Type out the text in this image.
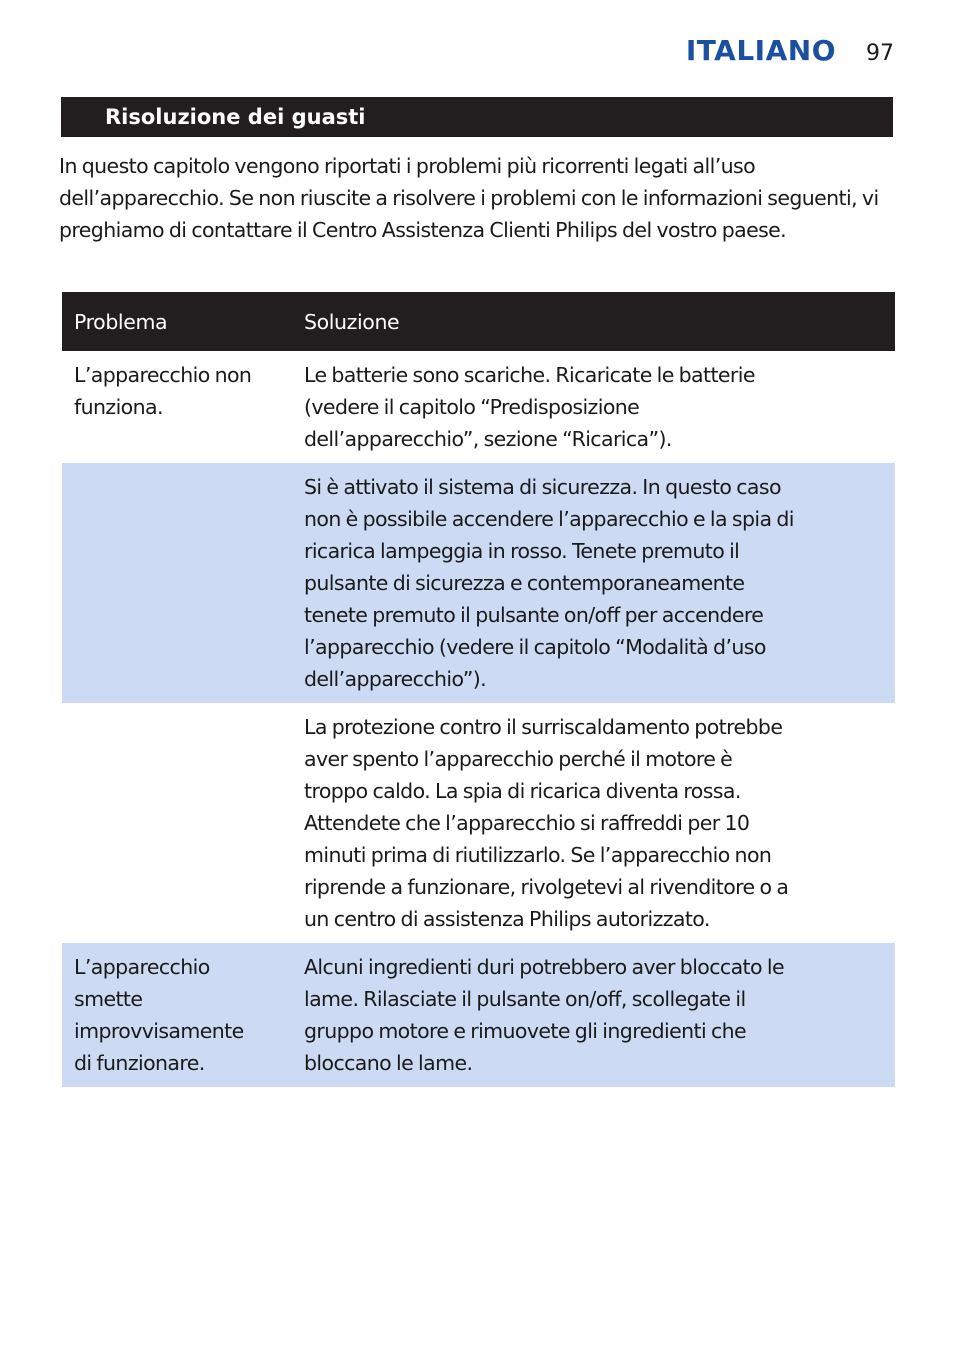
ITALIANO 97
Risoluzione dei guasti

In questo capitolo vengono riportati i problemi più ricorrenti legati all’uso dell’apparecchio. Se non riuscite a risolvere i problemi con le informazioni seguenti, vi preghiamo di contattare il Centro Assistenza Clienti Philips del vostro paese.

Problema	Soluzione
L’apparecchio non
funziona.
Le batterie sono scariche. Ricaricate le batterie
(vedere il capitolo “Predisposizione
dell’apparecchio”, sezione “Ricarica”).
Si è attivato il sistema di sicurezza. In questo caso
non è possibile accendere l’apparecchio e la spia di
ricarica lampeggia in rosso. Tenete premuto il
pulsante di sicurezza e contemporaneamente
tenete premuto il pulsante on/off per accendere
l’apparecchio (vedere il capitolo “Modalità d’uso
dell’apparecchio”).
La protezione contro il surriscaldamento potrebbe
aver spento l’apparecchio perché il motore è
troppo caldo. La spia di ricarica diventa rossa.
Attendete che l’apparecchio si raffreddi per 10
minuti prima di riutilizzarlo. Se l’apparecchio non
riprende a funzionare, rivolgetevi al rivenditore o a
un centro di assistenza Philips autorizzato.
L’apparecchio
smette
improvvisamente
di funzionare.
Alcuni ingredienti duri potrebbero aver bloccato le
lame. Rilasciate il pulsante on/off, scollegate il
gruppo motore e rimuovete gli ingredienti che
bloccano le lame.
